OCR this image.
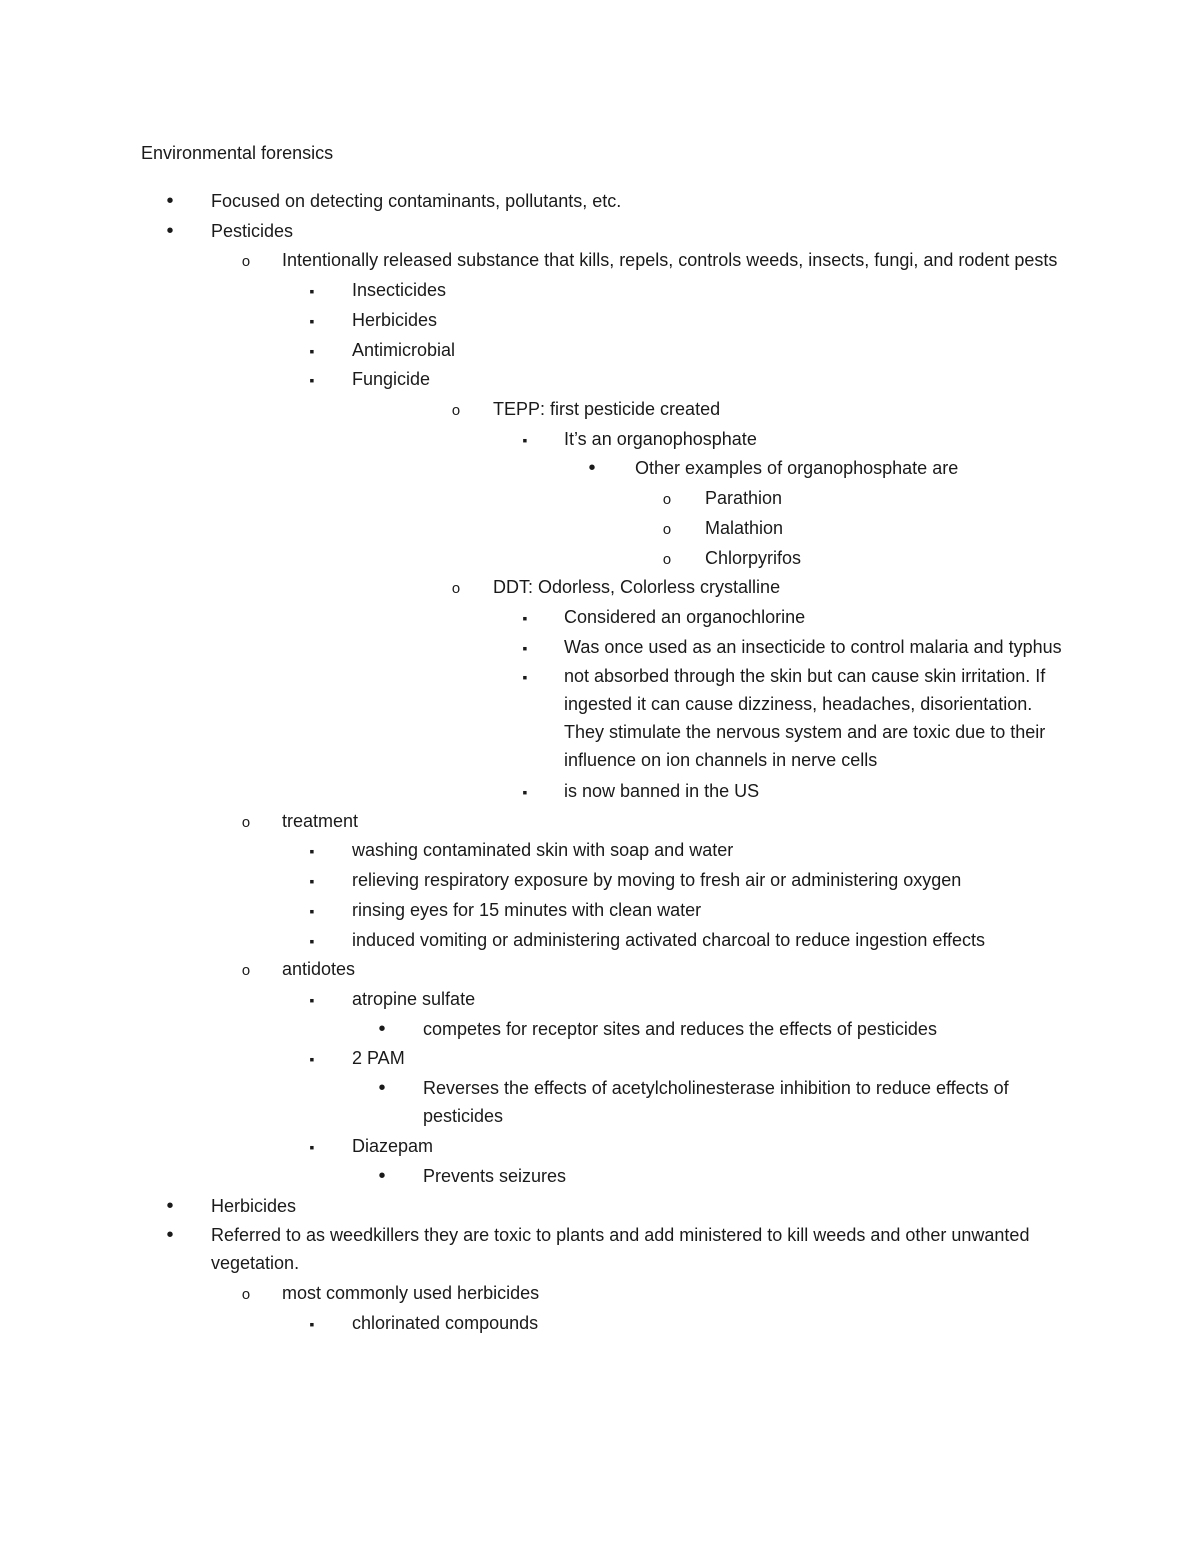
Environmental forensics
•
Focused on detecting contaminants, pollutants, etc.
•
Pesticides
o
Intentionally released substance that kills, repels, controls weeds, insects, fungi, and rodent pests
▪
Insecticides
▪
Herbicides
▪
Antimicrobial
▪
Fungicide
o
TEPP: first pesticide created
▪
It’s an organophosphate
•
Other examples of organophosphate are
o
Parathion
o
Malathion
o
Chlorpyrifos
o
DDT: Odorless, Colorless crystalline
▪
Considered an organochlorine
▪
Was once used as an insecticide to control malaria and typhus
▪
not absorbed through the skin but can cause skin irritation. If ingested it can cause dizziness, headaches, disorientation. They stimulate the nervous system and are toxic due to their influence on ion channels in nerve cells
▪
is now banned in the US
o
treatment
▪
washing contaminated skin with soap and water
▪
relieving respiratory exposure by moving to fresh air or administering oxygen
▪
rinsing eyes for 15 minutes with clean water
▪
induced vomiting or administering activated charcoal to reduce ingestion effects
o
antidotes
▪
atropine sulfate
•
competes for receptor sites and reduces the effects of pesticides
▪
2 PAM
•
Reverses the effects of acetylcholinesterase inhibition to reduce effects of pesticides
▪
Diazepam
•
Prevents seizures
•
Herbicides
•
Referred to as weedkillers they are toxic to plants and add ministered to kill weeds and other unwanted vegetation.
o
most commonly used herbicides
▪
chlorinated compounds
